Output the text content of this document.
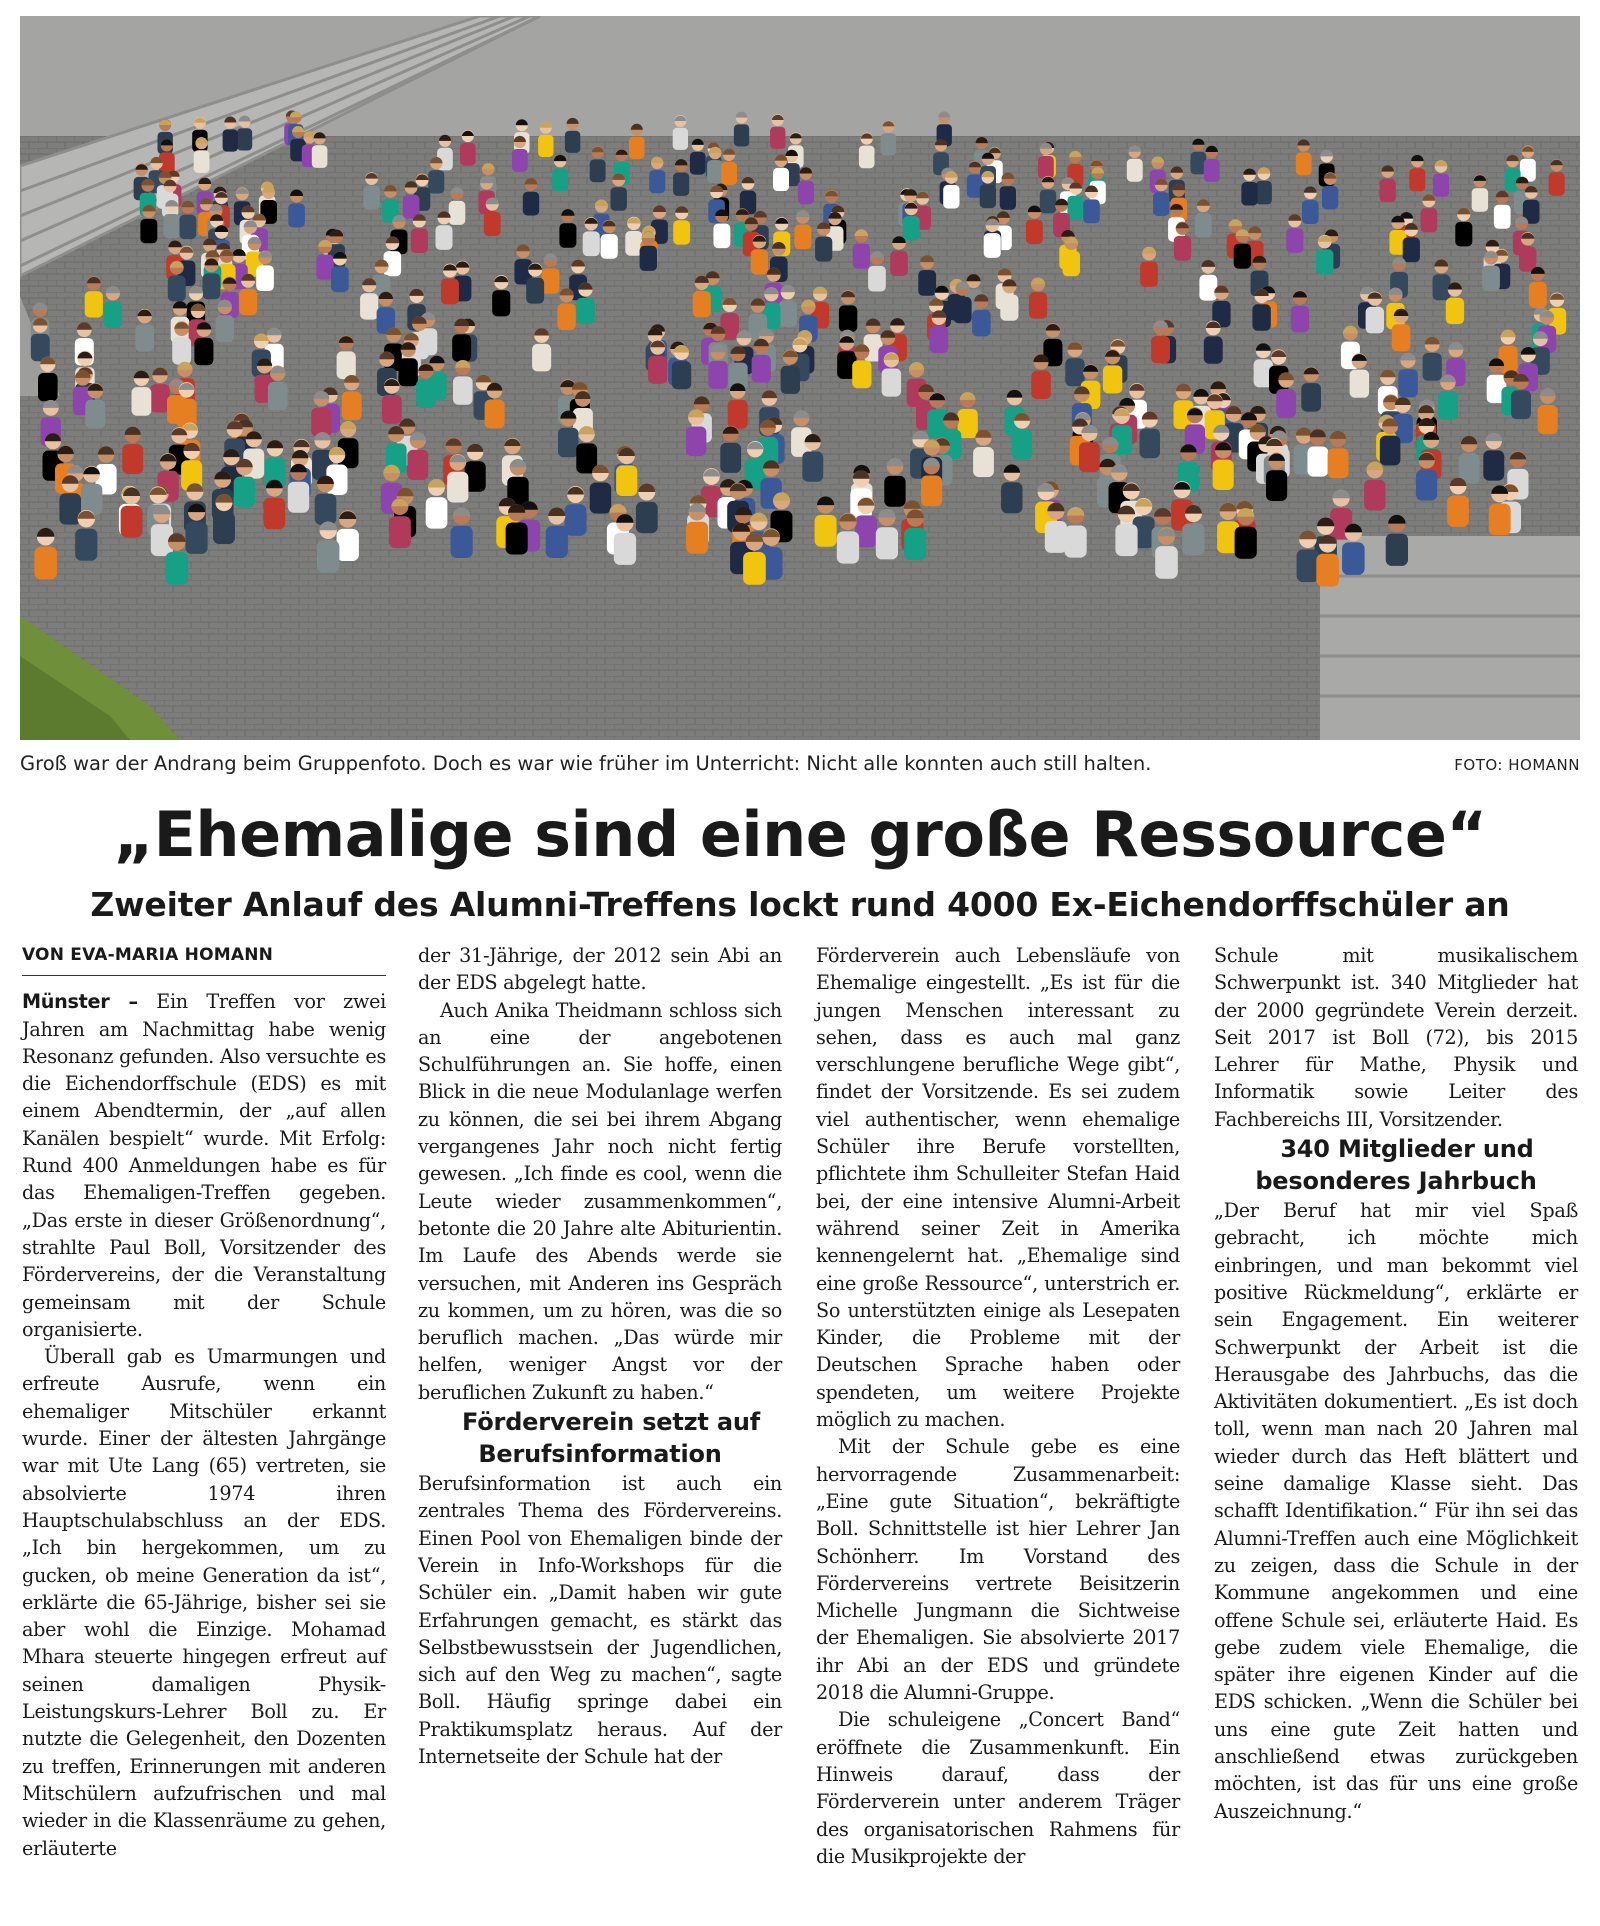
Groß war der Andrang beim Gruppenfoto. Doch es war wie früher im Unterricht: Nicht alle konnten auch still halten.	FOTO: HOMANN
„Ehemalige sind eine große Ressource“
Zweiter Anlauf des Alumni-Treffens lockt rund 4000 Ex-Eichendorffschüler an
VON EVA-MARIA HOMANN

Münster – Ein Treffen vor zwei Jahren am Nachmittag habe wenig Resonanz gefunden. Also versuchte es die Eichendorffschule (EDS) es mit einem Abendtermin, der „auf allen Kanälen bespielt“ wurde. Mit Erfolg: Rund 400 Anmeldungen habe es für das Ehemaligen-Treffen gegeben. „Das erste in dieser Größenordnung“, strahlte Paul Boll, Vorsitzender des Fördervereins, der die Veranstaltung gemeinsam mit der Schule organisierte.

Überall gab es Umarmungen und erfreute Ausrufe, wenn ein ehemaliger Mitschüler erkannt wurde. Einer der ältesten Jahrgänge war mit Ute Lang (65) vertreten, sie absolvierte 1974 ihren Hauptschulabschluss an der EDS. „Ich bin hergekommen, um zu gucken, ob meine Generation da ist“, erklärte die 65-Jährige, bisher sei sie aber wohl die Einzige. Mohamad Mhara steuerte hingegen erfreut auf seinen damaligen Physik-Leistungskurs-Lehrer Boll zu. Er nutzte die Gelegenheit, den Dozenten zu treffen, Erinnerungen mit anderen Mitschülern aufzufrischen und mal wieder in die Klassenräume zu gehen, erläuterte

der 31-Jährige, der 2012 sein Abi an der EDS abgelegt hatte.

Auch Anika Theidmann schloss sich an eine der angebotenen Schulführungen an. Sie hoffe, einen Blick in die neue Modulanlage werfen zu können, die sei bei ihrem Abgang vergangenes Jahr noch nicht fertig gewesen. „Ich finde es cool, wenn die Leute wieder zusammenkommen“, betonte die 20 Jahre alte Abiturientin. Im Laufe des Abends werde sie versuchen, mit Anderen ins Gespräch zu kommen, um zu hören, was die so beruflich machen. „Das würde mir helfen, weniger Angst vor der beruflichen Zukunft zu haben.“

Förderverein setzt auf Berufsinformation

Berufsinformation ist auch ein zentrales Thema des Fördervereins. Einen Pool von Ehemaligen binde der Verein in Info-Workshops für die Schüler ein. „Damit haben wir gute Erfahrungen gemacht, es stärkt das Selbstbewusstsein der Jugendlichen, sich auf den Weg zu machen“, sagte Boll. Häufig springe dabei ein Praktikumsplatz heraus. Auf der Internetseite der Schule hat der

Förderverein auch Lebensläufe von Ehemalige eingestellt. „Es ist für die jungen Menschen interessant zu sehen, dass es auch mal ganz verschlungene berufliche Wege gibt“, findet der Vorsitzende. Es sei zudem viel authentischer, wenn ehemalige Schüler ihre Berufe vorstellten, pflichtete ihm Schulleiter Stefan Haid bei, der eine intensive Alumni-Arbeit während seiner Zeit in Amerika kennengelernt hat. „Ehemalige sind eine große Ressource“, unterstrich er. So unterstützten einige als Lesepaten Kinder, die Probleme mit der Deutschen Sprache haben oder spendeten, um weitere Projekte möglich zu machen.

Mit der Schule gebe es eine hervorragende Zusammenarbeit: „Eine gute Situation“, bekräftigte Boll. Schnittstelle ist hier Lehrer Jan Schönherr. Im Vorstand des Fördervereins vertrete Beisitzerin Michelle Jungmann die Sichtweise der Ehemaligen. Sie absolvierte 2017 ihr Abi an der EDS und gründete 2018 die Alumni-Gruppe.

Die schuleigene „Concert Band“ eröffnete die Zusammenkunft. Ein Hinweis darauf, dass der Förderverein unter anderem Träger des organisatorischen Rahmens für die Musikprojekte der

Schule mit musikalischem Schwerpunkt ist. 340 Mitglieder hat der 2000 gegründete Verein derzeit. Seit 2017 ist Boll (72), bis 2015 Lehrer für Mathe, Physik und Informatik sowie Leiter des Fachbereichs III, Vorsitzender.

340 Mitglieder und besonderes Jahrbuch

„Der Beruf hat mir viel Spaß gebracht, ich möchte mich einbringen, und man bekommt viel positive Rückmeldung“, erklärte er sein Engagement. Ein weiterer Schwerpunkt der Arbeit ist die Herausgabe des Jahrbuchs, das die Aktivitäten dokumentiert. „Es ist doch toll, wenn man nach 20 Jahren mal wieder durch das Heft blättert und seine damalige Klasse sieht. Das schafft Identifikation.“ Für ihn sei das Alumni-Treffen auch eine Möglichkeit zu zeigen, dass die Schule in der Kommune angekommen und eine offene Schule sei, erläuterte Haid. Es gebe zudem viele Ehemalige, die später ihre eigenen Kinder auf die EDS schicken. „Wenn die Schüler bei uns eine gute Zeit hatten und anschließend etwas zurückgeben möchten, ist das für uns eine große Auszeichnung.“
